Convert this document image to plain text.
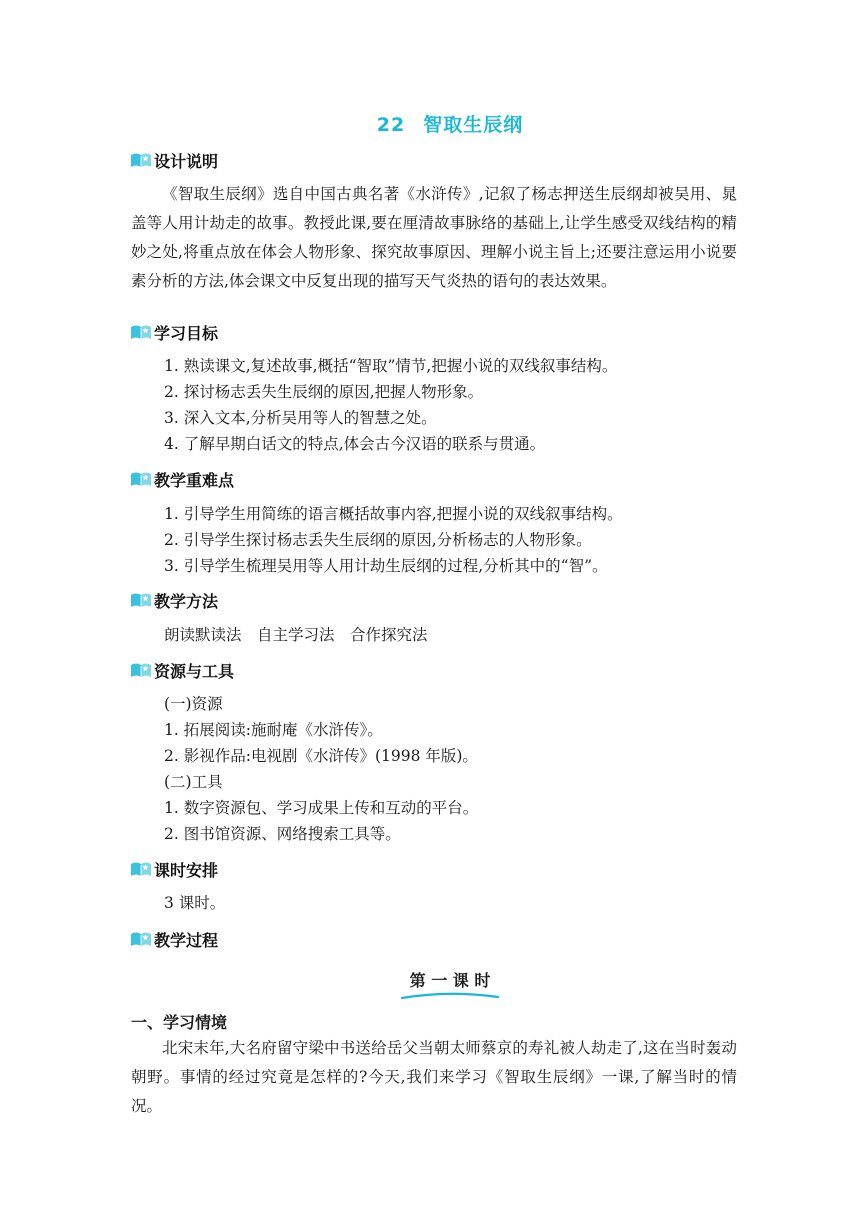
22 智取生辰纲
设计说明

《智取生辰纲》选自中国古典名著《水浒传》,记叙了杨志押送生辰纲却被吴用、晁盖等人用计劫走的故事。教授此课,要在厘清故事脉络的基础上,让学生感受双线结构的精妙之处,将重点放在体会人物形象、探究故事原因、理解小说主旨上;还要注意运用小说要素分析的方法,体会课文中反复出现的描写天气炎热的语句的表达效果。

学习目标
1. 熟读课文,复述故事,概括“智取”情节,把握小说的双线叙事结构。
2. 探讨杨志丢失生辰纲的原因,把握人物形象。
3. 深入文本,分析吴用等人的智慧之处。
4. 了解早期白话文的特点,体会古今汉语的联系与贯通。
教学重难点
1. 引导学生用简练的语言概括故事内容,把握小说的双线叙事结构。
2. 引导学生探讨杨志丢失生辰纲的原因,分析杨志的人物形象。
3. 引导学生梳理吴用等人用计劫生辰纲的过程,分析其中的“智”。
教学方法
朗读默读法　自主学习法　合作探究法
资源与工具
(一)资源
1. 拓展阅读:施耐庵《水浒传》。
2. 影视作品:电视剧《水浒传》(1998 年版)。
(二)工具
1. 数字资源包、学习成果上传和互动的平台。
2. 图书馆资源、网络搜索工具等。
课时安排
3 课时。
教学过程
第 一 课 时
一、学习情境

北宋末年,大名府留守梁中书送给岳父当朝太师蔡京的寿礼被人劫走了,这在当时轰动朝野。事情的经过究竟是怎样的?今天,我们来学习《智取生辰纲》一课,了解当时的情况。
